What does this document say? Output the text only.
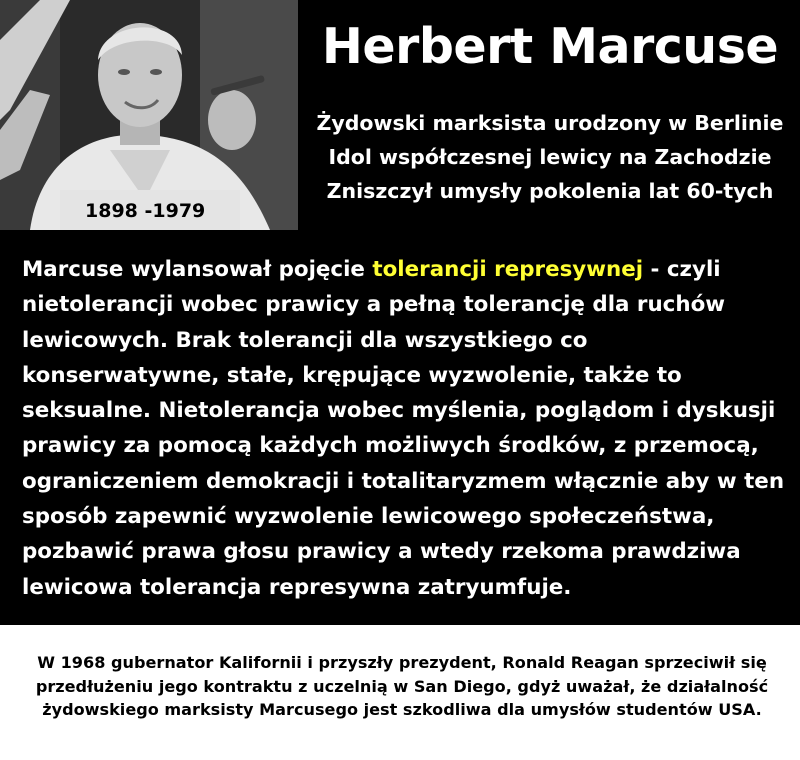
1898 -1979
Herbert Marcuse
Żydowski marksista urodzony w Berlinie
Idol współczesnej lewicy na Zachodzie
Zniszczył umysły pokolenia lat 60-tych
Marcuse wylansował pojęcie tolerancji represywnej - czyli nietolerancji wobec prawicy a pełną tolerancję dla ruchów lewicowych. Brak tolerancji dla wszystkiego co konserwatywne, stałe, krępujące wyzwolenie, także to seksualne. Nietolerancja wobec myślenia, poglądom i dyskusji prawicy za pomocą każdych możliwych środków, z przemocą, ograniczeniem demokracji i totalitaryzmem włącznie aby w ten sposób zapewnić wyzwolenie lewicowego społeczeństwa, pozbawić prawa głosu prawicy a wtedy rzekoma prawdziwa lewicowa tolerancja represywna zatryumfuje.
W 1968 gubernator Kalifornii i przyszły prezydent, Ronald Reagan sprzeciwił się
przedłużeniu jego kontraktu z uczelnią w San Diego, gdyż uważał, że działalność
żydowskiego marksisty Marcusego jest szkodliwa dla umysłów studentów USA.
